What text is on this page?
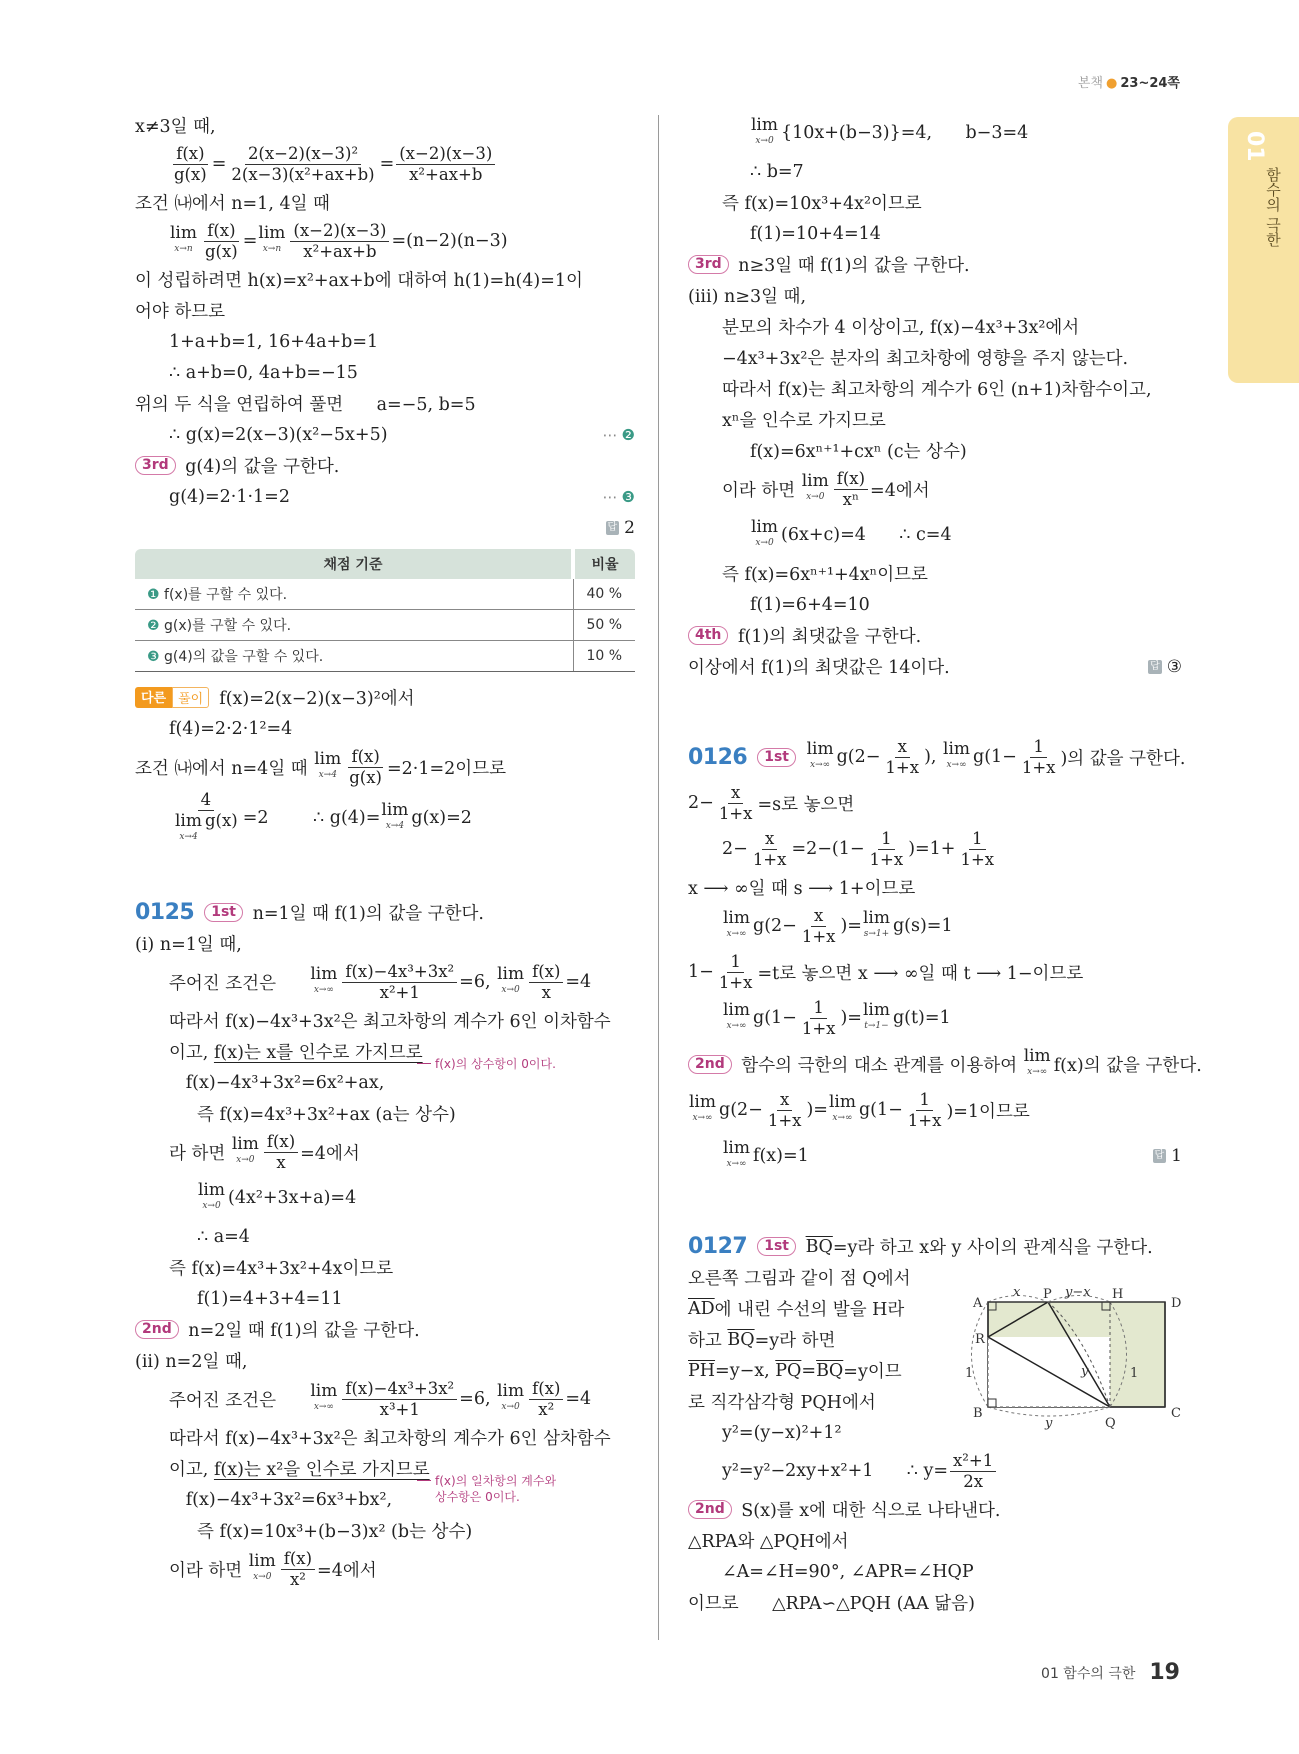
본책 ● 23~24쪽
01
함수의 극한
x≠3일 때,
$\frac{f(x)}{g(x)} = \frac{\text{2(x−2)(x−3)²}}{\text{2(x−3)(x²+ax+b)}} = \frac{(x-2)(x-3)}{\text{x²+ax+b}}$
조건 ㈏에서 n=1, 4일 때
lim
$x\to n \frac{f(x)}{g(x)} = \lim$
$x\to n \frac{(x-2)(x-3)}{\text{x²+ax+b}} =(n-2)(n-3)$
이 성립하려면 h(x)=x²+ax+b에 대하여 h(1)=h(4)=1이
어야 하므로
1+a+b=1, 16+4a+b=1
∴ a+b=0, 4a+b=−15
위의 두 식을 연립하여 풀면      a=−5, b=5
∴ g(x)=2(x−3)(x²−5x+5)	⋯ ❷
3rd g(4)의 값을 구한다.
g(4)=2·1·1=2	⋯ ❸
답 2
채점 기준	비율
❶ f(x)를 구할 수 있다.	40 %
❷ g(x)를 구할 수 있다.	50 %
❸ g(4)의 값을 구할 수 있다.	10 %
다른 풀이 f(x)=2(x−2)(x−3)²에서
f(4)=2·2·1²=4
조건 ㈏에서 n=4일 때 lim
$x\to 4 \frac{f(x)}{g(x)} =2\cdot 1=2$이므로
4
lim
x→4
g(x) =2        ∴ g(4)= lim
x→4 g(x)=2
0125	1st n=1일 때 f(1)의 값을 구한다.
(i) n=1일 때,
주어진 조건은 lim
$x\to\infty \frac{\text{f(x)−4x³+3x²}}{\text{x²+1}} =6$, lim
$x\to 0 \frac{f(x)}{x} =4$
따라서 f(x)−4x³+3x²은 최고차항의 계수가 6인 이차함수
이고, f(x)는 x를 인수로 가지므로
f(x)의 상수항이 0이다.
f(x)−4x³+3x²=6x²+ax,
즉 f(x)=4x³+3x²+ax (a는 상수)
라 하면 lim
$x\to 0 \frac{f(x)}{x} =4$에서
lim
x→0 (4x²+3x+a)=4
∴ a=4
즉 f(x)=4x³+3x²+4x이므로
f(1)=4+3+4=11
2nd n=2일 때 f(1)의 값을 구한다.
(ii) n=2일 때,
주어진 조건은 lim
$x\to\infty \frac{\text{f(x)−4x³+3x²}}{\text{x³+1}} =6$, lim
$x\to 0 \frac{f(x)}{\text{x²}} =4$
따라서 f(x)−4x³+3x²은 최고차항의 계수가 6인 삼차함수
이고, f(x)는 x²을 인수로 가지므로
f(x)의 일차항의 계수와
상수항은 0이다.
f(x)−4x³+3x²=6x³+bx²,
즉 f(x)=10x³+(b−3)x² (b는 상수)
이라 하면 lim
$x\to 0 \frac{f(x)}{\text{x²}} =4$에서
lim
x→0 {10x+(b−3)}=4,      b−3=4
∴ b=7
즉 f(x)=10x³+4x²이므로
f(1)=10+4=14
3rd n≥3일 때 f(1)의 값을 구한다.
(iii) n≥3일 때,
분모의 차수가 4 이상이고, f(x)−4x³+3x²에서
−4x³+3x²은 분자의 최고차항에 영향을 주지 않는다.
따라서 f(x)는 최고차항의 계수가 6인 (n+1)차함수이고,
xⁿ을 인수로 가지므로
f(x)=6xⁿ⁺¹+cxⁿ (c는 상수)
이라 하면 lim
$x\to 0 \frac{f(x)}{\text{xⁿ}} =4$에서
lim
x→0 (6x+c)=4      ∴ c=4
즉 f(x)=6xⁿ⁺¹+4xⁿ이므로
f(1)=6+4=10
4th f(1)의 최댓값을 구한다.
이상에서 f(1)의 최댓값은 14이다.	답 ③
0126	1st
	lim
x→∞ $g(2- \frac{x}{1+x}$ ), lim
x→∞ $g(1- \frac{1}{1+x}$ )의 값을 구한다.
$2- \frac{x}{1+x} =s$로 놓으면
$2- \frac{x}{1+x} =2-(1- \frac{1}{1+x} )=1+ \frac{1}{1+x}$
x ⟶ ∞일 때 s ⟶ 1+이므로
lim
x→∞ $g(2- \frac{x}{1+x}$ )= lim
s→1+ g(s)=1
$1- \frac{1}{1+x} =t$로 놓으면 x ⟶ ∞일 때 t ⟶ 1−이므로
lim
x→∞ $g(1- \frac{1}{1+x}$ )= lim
t→1− g(t)=1
2nd 함수의 극한의 대소 관계를 이용하여 lim
x→∞ f(x)의 값을 구한다.
lim
x→∞ $g(2- \frac{x}{1+x}$ )= lim
x→∞ $g(1- \frac{1}{1+x} )=1$이므로
lim
x→∞ f(x)=1	답 1
0127	1st
$\overline{BQ} =y$라 하고 x와 y 사이의 관계식을 구한다.
오른쪽 그림과 같이 점 Q에서
$\overline{AD}$ 에 내린 수선의 발을 H라
하고 $\overline{BQ} =y$라 하면
$\overline{PH} =y-x$, $\overline{PQ} = \overline{BQ} =y$이므
로 직각삼각형 PQH에서
y²=(y−x)²+1²
y²=y²−2xy+x²+1      ∴ $y= \frac{\text{x²+1}}{2x}$
2nd S(x)를 x에 대한 식으로 나타낸다.
△RPA와 △PQH에서
∠A=∠H=90°, ∠APR=∠HQP
이므로      △RPA∽△PQH (AA 닮음)
A
P	H
D
R
B
Q
C
x	y−x
1	1
y
y
01 함수의 극한 19
